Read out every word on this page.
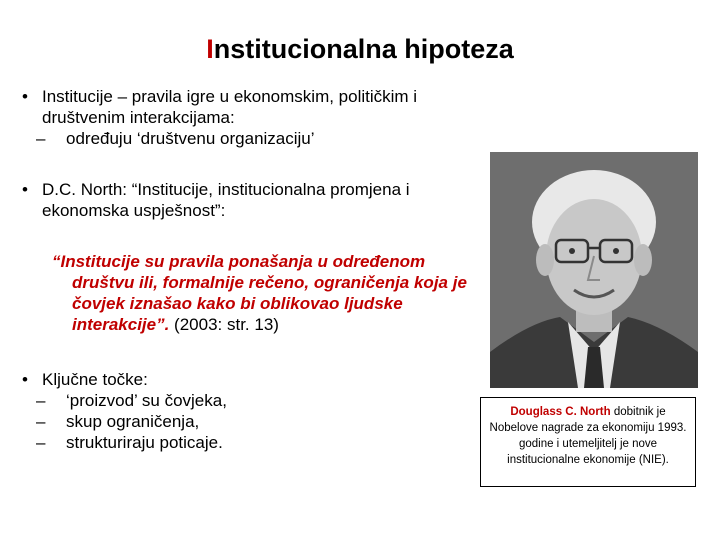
Institucionalna hipoteza
• Institucije – pravila igre u ekonomskim, političkim i društvenim interakcijama:
– određuju ‘društvenu organizaciju’
• D.C. North: “Institucije, institucionalna promjena i ekonomska uspješnost”:
“Institucije su pravila ponašanja u određenom društvu ili, formalnije rečeno, ograničenja koja je čovjek iznašao kako bi oblikovao ljudske interakcije”. (2003: str. 13)
• Ključne točke:
– ‘proizvod’ su čovjeka,
– skup ograničenja,
– strukturiraju poticaje.
Douglass C. North dobitnik je Nobelove nagrade za ekonomiju 1993. godine i utemeljitelj je nove institucionalne ekonomije (NIE).
